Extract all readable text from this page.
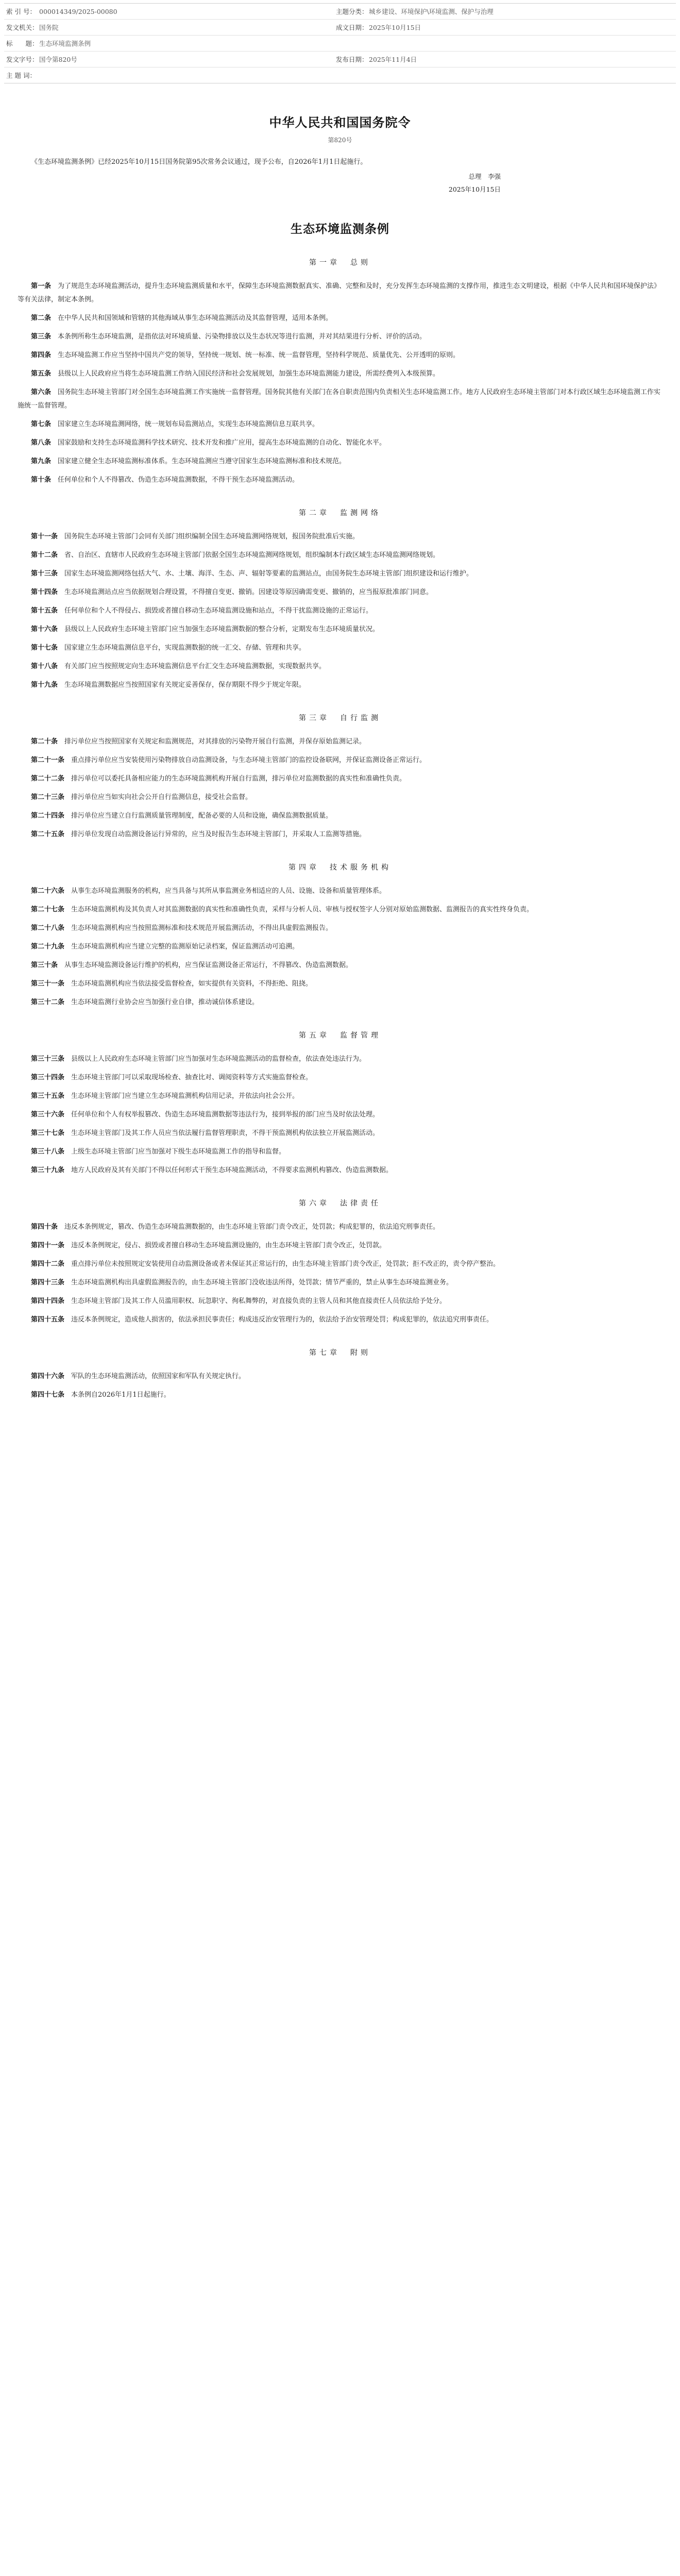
索 引 号： 000014349/2025-00080	主题分类： 城乡建设、环境保护\环境监测、保护与治理
发文机关： 国务院	成文日期： 2025年10月15日
标　　题： 生态环境监测条例
发文字号： 国令第820号	发布日期： 2025年11月4日
主 题 词：
中华人民共和国国务院令
第820号

《生态环境监测条例》已经2025年10月15日国务院第95次常务会议通过，现予公布，自2026年1月1日起施行。

总理　李强
2025年10月15日
生态环境监测条例
第一章　总则

第一条　 为了规范生态环境监测活动，提升生态环境监测质量和水平，保障生态环境监测数据真实、准确、完整和及时，充分发挥生态环境监测的支撑作用，推进生态文明建设，根据《中华人民共和国环境保护法》等有关法律，制定本条例。

第二条　 在中华人民共和国领域和管辖的其他海域从事生态环境监测活动及其监督管理，适用本条例。

第三条　 本条例所称生态环境监测，是指依法对环境质量、污染物排放以及生态状况等进行监测，并对其结果进行分析、评价的活动。

第四条　 生态环境监测工作应当坚持中国共产党的领导，坚持统一规划、统一标准、统一监督管理，坚持科学规范、质量优先、公开透明的原则。

第五条　 县级以上人民政府应当将生态环境监测工作纳入国民经济和社会发展规划，加强生态环境监测能力建设，所需经费列入本级预算。

第六条　 国务院生态环境主管部门对全国生态环境监测工作实施统一监督管理。国务院其他有关部门在各自职责范围内负责相关生态环境监测工作。地方人民政府生态环境主管部门对本行政区域生态环境监测工作实施统一监督管理。

第七条　 国家建立生态环境监测网络，统一规划布局监测站点，实现生态环境监测信息互联共享。

第八条　 国家鼓励和支持生态环境监测科学技术研究、技术开发和推广应用，提高生态环境监测的自动化、智能化水平。

第九条　 国家建立健全生态环境监测标准体系。生态环境监测应当遵守国家生态环境监测标准和技术规范。

第十条　 任何单位和个人不得篡改、伪造生态环境监测数据，不得干预生态环境监测活动。

第二章　监测网络

第十一条　 国务院生态环境主管部门会同有关部门组织编制全国生态环境监测网络规划，报国务院批准后实施。

第十二条　 省、自治区、直辖市人民政府生态环境主管部门依据全国生态环境监测网络规划，组织编制本行政区域生态环境监测网络规划。

第十三条　 国家生态环境监测网络包括大气、水、土壤、海洋、生态、声、辐射等要素的监测站点，由国务院生态环境主管部门组织建设和运行维护。

第十四条　 生态环境监测站点应当依据规划合理设置，不得擅自变更、撤销。因建设等原因确需变更、撤销的，应当报原批准部门同意。

第十五条　 任何单位和个人不得侵占、损毁或者擅自移动生态环境监测设施和站点，不得干扰监测设施的正常运行。

第十六条　 县级以上人民政府生态环境主管部门应当加强生态环境监测数据的整合分析，定期发布生态环境质量状况。

第十七条　 国家建立生态环境监测信息平台，实现监测数据的统一汇交、存储、管理和共享。

第十八条　 有关部门应当按照规定向生态环境监测信息平台汇交生态环境监测数据，实现数据共享。

第十九条　 生态环境监测数据应当按照国家有关规定妥善保存，保存期限不得少于规定年限。

第三章　自行监测

第二十条　 排污单位应当按照国家有关规定和监测规范，对其排放的污染物开展自行监测，并保存原始监测记录。

第二十一条　 重点排污单位应当安装使用污染物排放自动监测设备，与生态环境主管部门的监控设备联网，并保证监测设备正常运行。

第二十二条　 排污单位可以委托具备相应能力的生态环境监测机构开展自行监测，排污单位对监测数据的真实性和准确性负责。

第二十三条　 排污单位应当如实向社会公开自行监测信息，接受社会监督。

第二十四条　 排污单位应当建立自行监测质量管理制度，配备必要的人员和设施，确保监测数据质量。

第二十五条　 排污单位发现自动监测设备运行异常的，应当及时报告生态环境主管部门，并采取人工监测等措施。

第四章　技术服务机构

第二十六条　 从事生态环境监测服务的机构，应当具备与其所从事监测业务相适应的人员、设施、设备和质量管理体系。

第二十七条　 生态环境监测机构及其负责人对其监测数据的真实性和准确性负责，采样与分析人员、审核与授权签字人分别对原始监测数据、监测报告的真实性终身负责。

第二十八条　 生态环境监测机构应当按照监测标准和技术规范开展监测活动，不得出具虚假监测报告。

第二十九条　 生态环境监测机构应当建立完整的监测原始记录档案，保证监测活动可追溯。

第三十条　 从事生态环境监测设备运行维护的机构，应当保证监测设备正常运行，不得篡改、伪造监测数据。

第三十一条　 生态环境监测机构应当依法接受监督检查，如实提供有关资料，不得拒绝、阻挠。

第三十二条　 生态环境监测行业协会应当加强行业自律，推动诚信体系建设。

第五章　监督管理

第三十三条　 县级以上人民政府生态环境主管部门应当加强对生态环境监测活动的监督检查，依法查处违法行为。

第三十四条　 生态环境主管部门可以采取现场检查、抽查比对、调阅资料等方式实施监督检查。

第三十五条　 生态环境主管部门应当建立生态环境监测机构信用记录，并依法向社会公开。

第三十六条　 任何单位和个人有权举报篡改、伪造生态环境监测数据等违法行为，接到举报的部门应当及时依法处理。

第三十七条　 生态环境主管部门及其工作人员应当依法履行监督管理职责，不得干预监测机构依法独立开展监测活动。

第三十八条　 上级生态环境主管部门应当加强对下级生态环境监测工作的指导和监督。

第三十九条　 地方人民政府及其有关部门不得以任何形式干预生态环境监测活动，不得要求监测机构篡改、伪造监测数据。

第六章　法律责任

第四十条　 违反本条例规定，篡改、伪造生态环境监测数据的，由生态环境主管部门责令改正，处罚款；构成犯罪的，依法追究刑事责任。

第四十一条　 违反本条例规定，侵占、损毁或者擅自移动生态环境监测设施的，由生态环境主管部门责令改正，处罚款。

第四十二条　 重点排污单位未按照规定安装使用自动监测设备或者未保证其正常运行的，由生态环境主管部门责令改正，处罚款；拒不改正的，责令停产整治。

第四十三条　 生态环境监测机构出具虚假监测报告的，由生态环境主管部门没收违法所得，处罚款；情节严重的，禁止从事生态环境监测业务。

第四十四条　 生态环境主管部门及其工作人员滥用职权、玩忽职守、徇私舞弊的，对直接负责的主管人员和其他直接责任人员依法给予处分。

第四十五条　 违反本条例规定，造成他人损害的，依法承担民事责任；构成违反治安管理行为的，依法给予治安管理处罚；构成犯罪的，依法追究刑事责任。

第七章　附则

第四十六条　 军队的生态环境监测活动，依照国家和军队有关规定执行。

第四十七条　 本条例自2026年1月1日起施行。
